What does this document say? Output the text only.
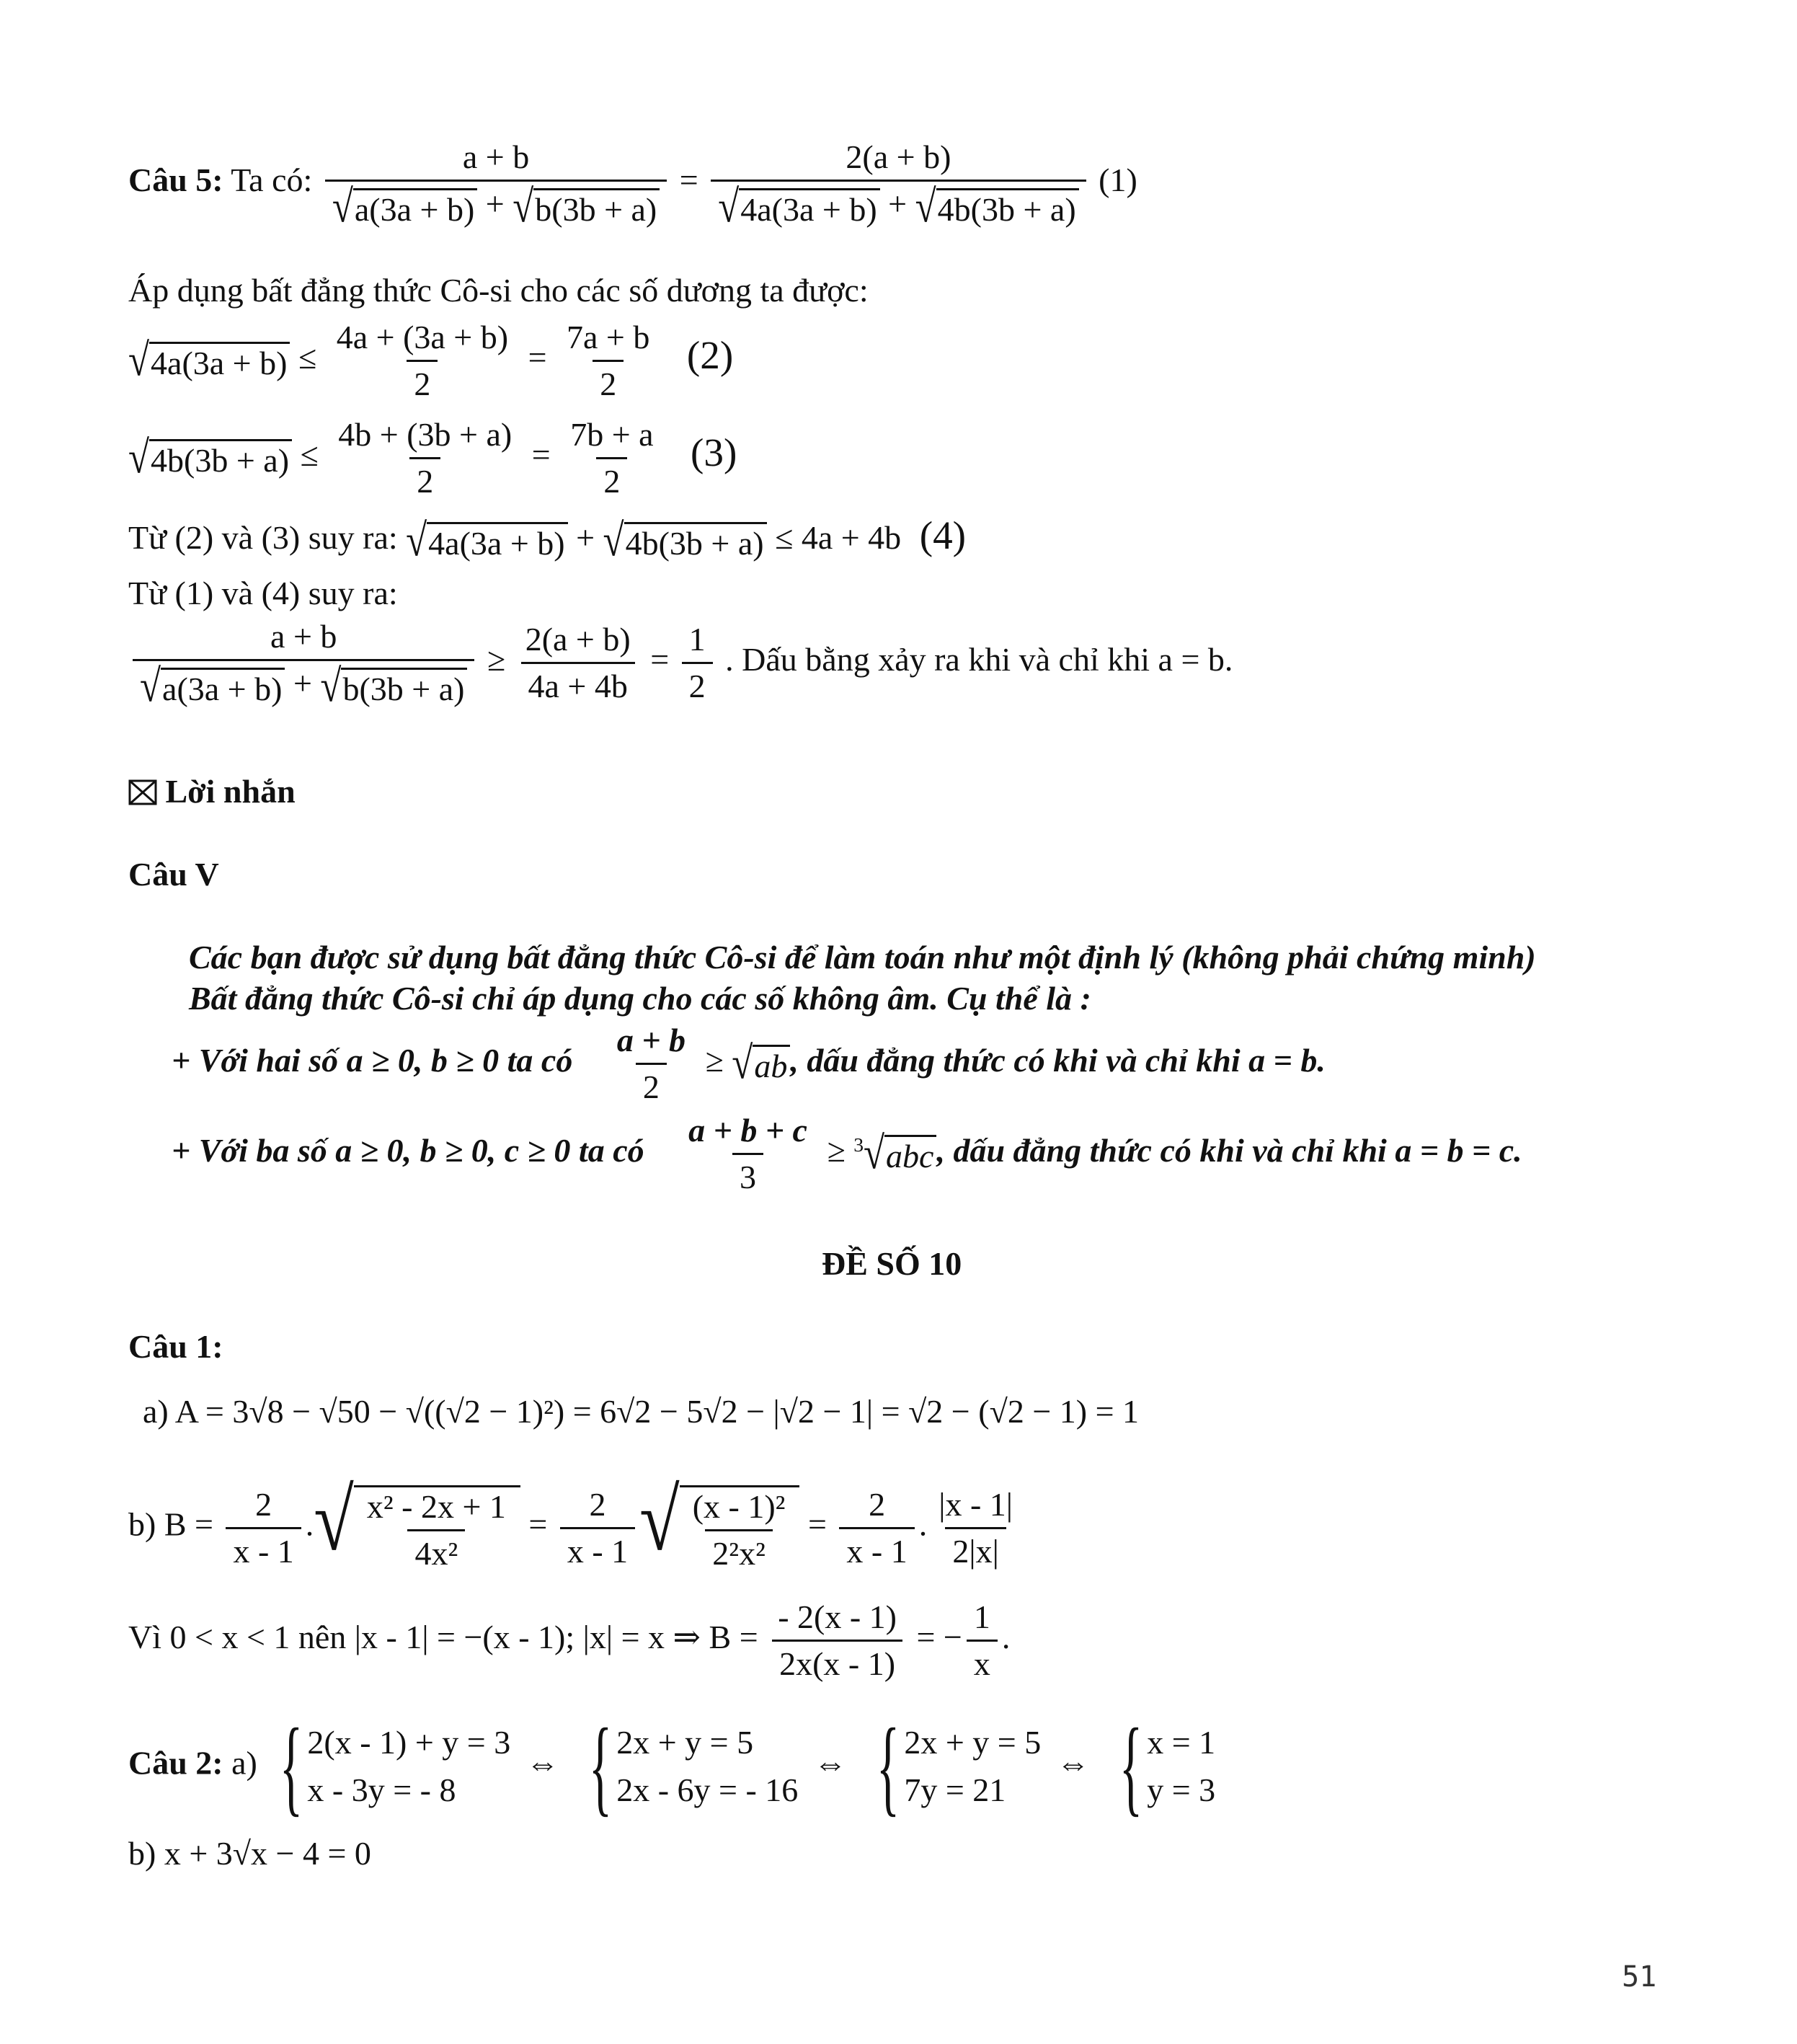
Câu 5: Ta có: $\frac{a + b}{√ a(3a + b) + √ b(3b + a)} = \frac{2(a + b)}{√ 4a(3a + b) + √ 4b(3b + a)} (1)$
Áp dụng bất đẳng thức Cô-si cho các số dương ta được:
√ $4a(3a + b) \le \frac{4a + (3a + b)}{2} = \frac{7a + b}{2} (2)$
√ $4b(3b + a) \le \frac{4b + (3b + a)}{2} = \frac{7b + a}{2} (3)$
Từ (2) và (3) suy ra: √ 4a(3a + b) + √ 4b(3b + a) ≤ 4a + 4b (4)
Từ (1) và (4) suy ra:
$\frac{a + b}{√ a(3a + b) + √ b(3b + a)} \ge \frac{2(a + b)}{4a + 4b} = \frac{1}{2}$ . Dấu bằng xảy ra khi và chỉ khi a = b.
Lời nhắn
Câu V
Các bạn được sử dụng bất đẳng thức Cô-si để làm toán như một định lý (không phải chứng minh)
Bất đẳng thức Cô-si chỉ áp dụng cho các số không âm. Cụ thể là :
+ Với hai số a ≥ 0, b ≥ 0 ta có $\frac{a + b}{2}$ ≥ √ ab , dấu đẳng thức có khi và chỉ khi a = b.
+ Với ba số a ≥ 0, b ≥ 0, c ≥ 0 ta có $\frac{a + b + c}{3} \ge 3$ √ abc , dấu đẳng thức có khi và chỉ khi a = b = c.
ĐỀ SỐ 10
Câu 1:
a) A = 3√8 − √50 − √((√2 − 1)²) = 6√2 − 5√2 − |√2 − 1| = √2 − (√2 − 1) = 1
b) $B = \frac{2}{x - 1}$ . √ $\frac{\text{x² - 2x + 1}}{\text{4x²}} = \frac{2}{x - 1}$ √ $\frac{\text{(x - 1)²}}{\text{2²x²}} = \frac{2}{x - 1}$ . $\frac{|x - 1|}{2|x|}$
Vì 0 < x < 1 nên |x - 1| = −(x - 1); |x| = x ⇒ $B = \frac{- 2(x - 1)}{2x(x - 1)}$ = − $\frac{1}{x}$ .
Câu 2: a) { 2(x - 1) + y = 3
x - 3y = - 8
⇔ { 2x + y = 5
2x - 6y = - 16
⇔ { 2x + y = 5
7y = 21
⇔ { x = 1
y = 3
b) x + 3√x − 4 = 0
51
